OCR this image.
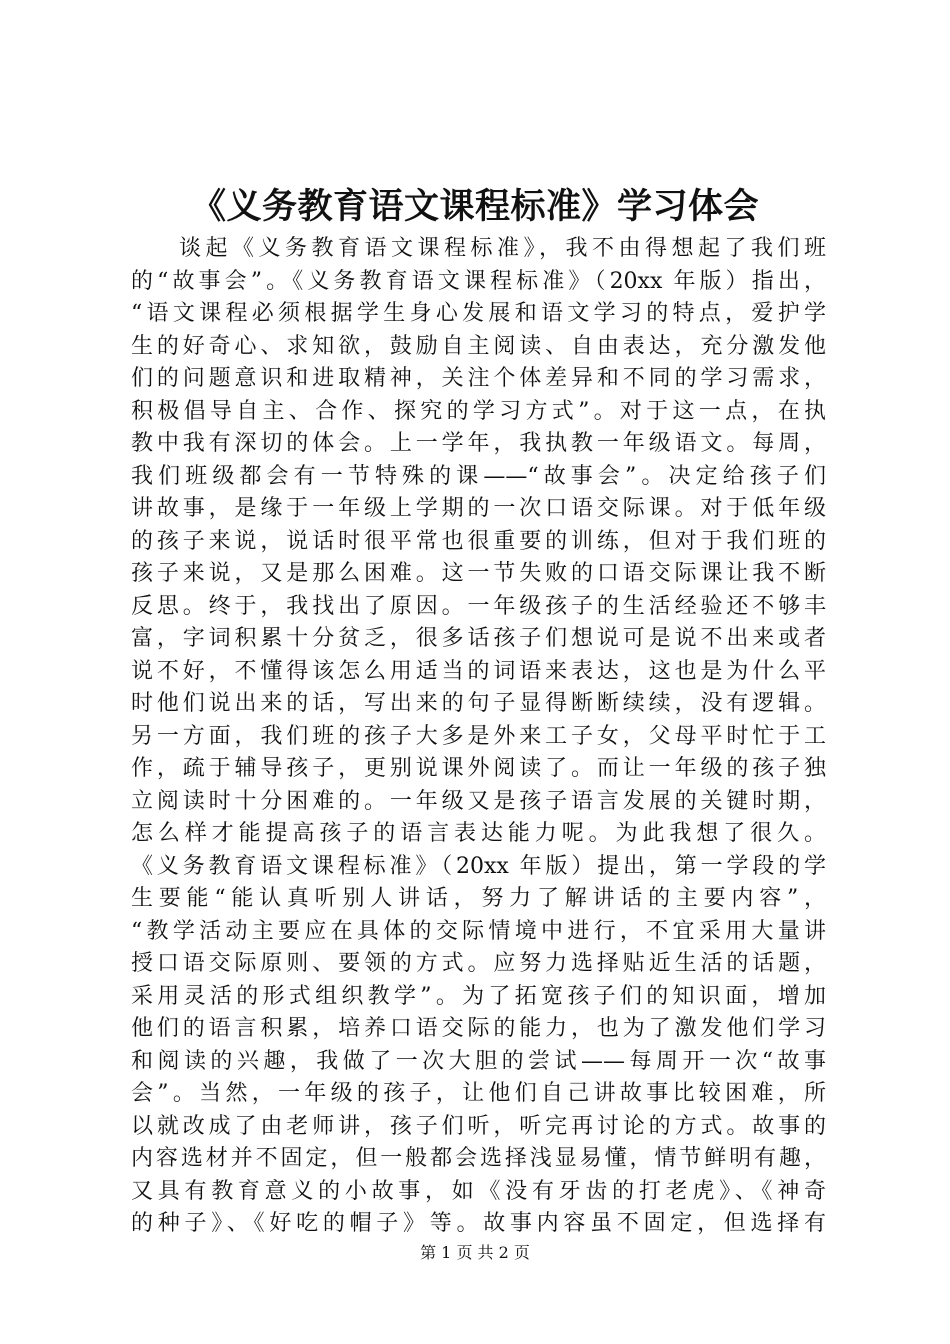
《义务教育语文课程标准》学习体会
谈起《义务教育语文课程标准》，我不由得想起了我们班
的“故事会”。《义务教育语文课程标准》（20xx 年版）指出，
“语文课程必须根据学生身心发展和语文学习的特点，爱护学
生的好奇心、求知欲，鼓励自主阅读、自由表达，充分激发他
们的问题意识和进取精神，关注个体差异和不同的学习需求，
积极倡导自主、合作、探究的学习方式”。对于这一点，在执
教中我有深切的体会。上一学年，我执教一年级语文。每周，
我们班级都会有一节特殊的课——“故事会”。决定给孩子们
讲故事，是缘于一年级上学期的一次口语交际课。对于低年级
的孩子来说，说话时很平常也很重要的训练，但对于我们班的
孩子来说，又是那么困难。这一节失败的口语交际课让我不断
反思。终于，我找出了原因。一年级孩子的生活经验还不够丰
富，字词积累十分贫乏，很多话孩子们想说可是说不出来或者
说不好，不懂得该怎么用适当的词语来表达，这也是为什么平
时他们说出来的话，写出来的句子显得断断续续，没有逻辑。
另一方面，我们班的孩子大多是外来工子女，父母平时忙于工
作，疏于辅导孩子，更别说课外阅读了。而让一年级的孩子独
立阅读时十分困难的。一年级又是孩子语言发展的关键时期，
怎么样才能提高孩子的语言表达能力呢。为此我想了很久。
《义务教育语文课程标准》（20xx 年版）提出，第一学段的学
生要能“能认真听别人讲话，努力了解讲话的主要内容”，
“教学活动主要应在具体的交际情境中进行，不宜采用大量讲
授口语交际原则、要领的方式。应努力选择贴近生活的话题，
采用灵活的形式组织教学”。为了拓宽孩子们的知识面，增加
他们的语言积累，培养口语交际的能力，也为了激发他们学习
和阅读的兴趣，我做了一次大胆的尝试——每周开一次“故事
会”。当然，一年级的孩子，让他们自己讲故事比较困难，所
以就改成了由老师讲，孩子们听，听完再讨论的方式。故事的
内容选材并不固定，但一般都会选择浅显易懂，情节鲜明有趣，
又具有教育意义的小故事，如《没有牙齿的打老虎》、《神奇
的种子》、《好吃的帽子》等。故事内容虽不固定，但选择有
第 1 页 共 2 页
